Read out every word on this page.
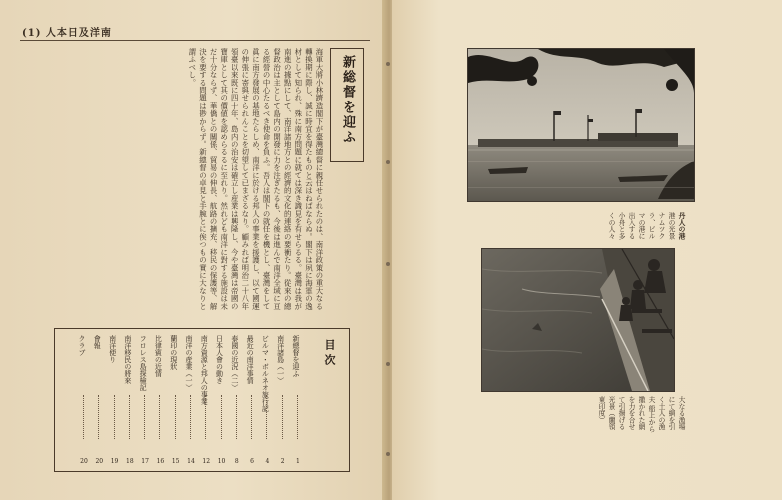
(1) 人本日及洋南
新総督を迎ふ
海軍大將小林躋造閣下が臺灣總督に親任せられたのは、南洋政策の重大なる轉換期に際し、誠に時宜を得たものと云はねばならぬ。閣下は夙に海軍の逸材として知られ、殊に南方問題に就ては深き識見を有せらるる。臺灣は我が南進の據點にして、南洋諸地方との經濟的文化的連絡の要衝たり。從來の總督政治は主として島内の開發に力を注ぎたるも、今後は進んで南洋全域に亘る經營の中心たるべき使命を負ふ。吾人は閣下の就任を機とし、臺灣をして眞に南方發展の基地たらしめ、南洋に於ける邦人の事業を援護し、以て國運の伸張に寄與せられんことを切望して已まざるなり。顧みれば明治二十八年領臺以來既に四十年、島内の治安は確立し産業は興隆し、今や臺灣は帝國の寶庫として其の價値を認めらるるに至れり。然れども南洋に對する施設は未だ十分ならず、華僑との關係、貿易の伸長、航路の擴充、移民の保護等、解決を要する問題は尠からず。新總督の卓見と手腕とに俟つもの實に大なりと謂ふべし。
目 次
新總督を迎ふ
1
南洋諸島（一）
2
ビルマ・ボルネオ旅行記
4
最近の南洋事情
6
泰國の近況（二）
8
日本人會の動き
10
南方資源と邦人の事業
12
南洋の産業（一）
14
蘭印の現狀
15
比律賓の近情
16
フロレス島探檢記
17
南洋移民の將來
18
南洋便り
19
會報
20
クラブ
20
丹人の港 港の光景 ナムツクラ、ビルマの港に出入する小舟と多くの人々
大なる漁場にて網を引く土人の漁夫 船上から撒かれた網を力を合せて引揚げる光景（蘭領東印度）
